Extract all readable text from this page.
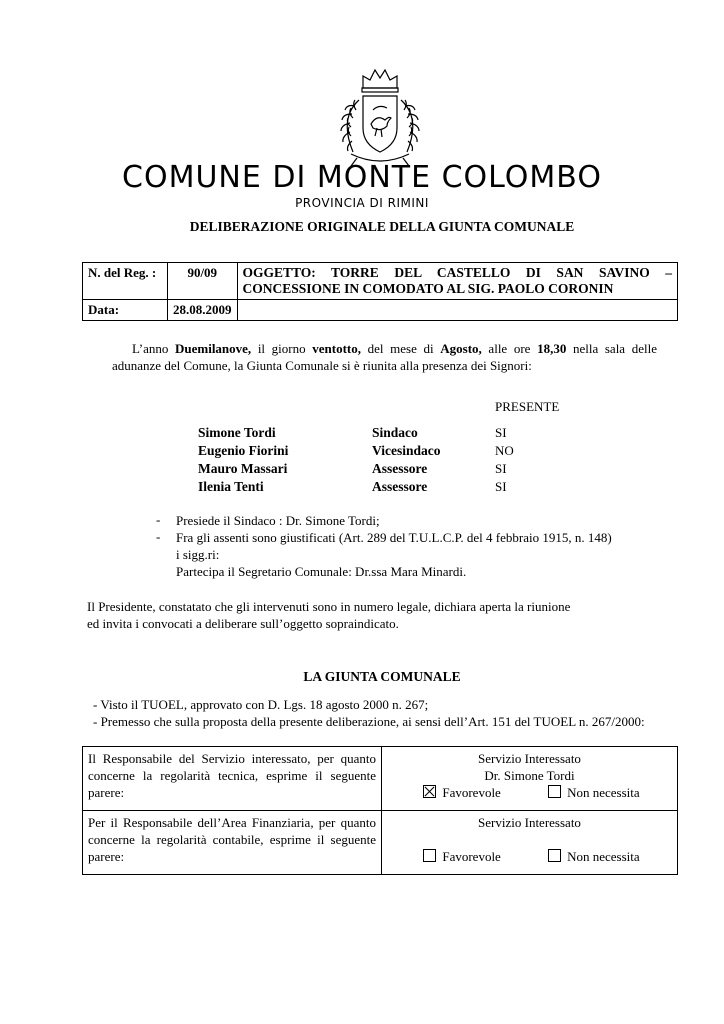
COMUNE DI MONTE COLOMBO
PROVINCIA DI RIMINI
DELIBERAZIONE ORIGINALE DELLA GIUNTA COMUNALE
N. del Reg. :	90/09	OGGETTO: TORRE DEL CASTELLO DI SAN SAVINO –
CONCESSIONE IN COMODATO AL SIG. PAOLO CORONIN

Data:	28.08.2009	
L’anno Duemilanove, il giorno ventotto, del mese di Agosto, alle ore 18,30 nella sala delle
adunanze del Comune, la Giunta Comunale si è riunita alla presenza dei Signori:
PRESENTE
Simone Tordi	Sindaco	SI
Eugenio Fiorini	Vicesindaco	NO
Mauro Massari	Assessore	SI
Ilenia Tenti	Assessore	SI
- Presiede il Sindaco : Dr. Simone Tordi;
- Fra gli assenti sono giustificati (Art. 289 del T.U.L.C.P. del 4 febbraio 1915, n. 148)
i sigg.ri:
Partecipa il Segretario Comunale: Dr.ssa Mara Minardi.
Il Presidente, constatato che gli intervenuti sono in numero legale, dichiara aperta la riunione
ed invita i convocati a deliberare sull’oggetto sopraindicato.
LA GIUNTA COMUNALE
- Visto il TUOEL, approvato con D. Lgs. 18 agosto 2000 n. 267;
- Premesso che sulla proposta della presente deliberazione, ai sensi dell’Art. 151 del TUOEL n. 267/2000:
Il Responsabile del Servizio interessato, per quanto concerne la regolarità tecnica, esprime il seguente parere:	Servizio Interessato
Dr. Simone Tordi
Favorevole Non necessita

Per il Responsabile dell’Area Finanziaria, per quanto concerne la regolarità contabile, esprime il seguente parere:	Servizio Interessato
Favorevole Non necessita
